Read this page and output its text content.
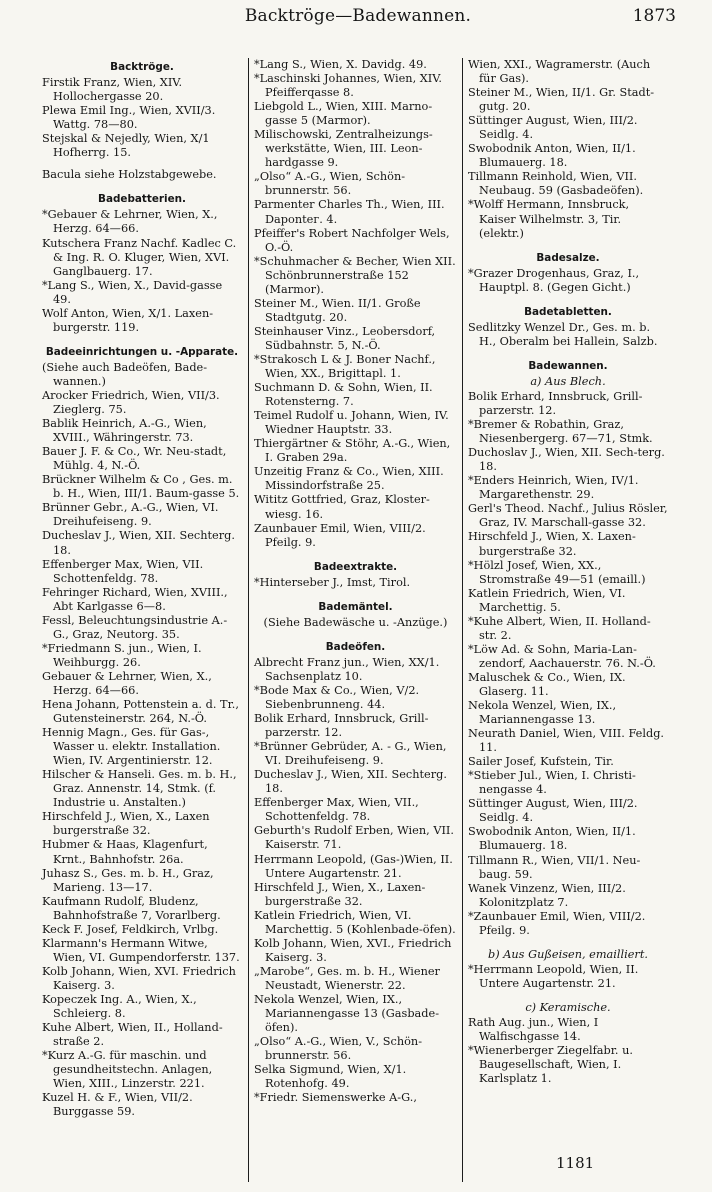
Backtröge—Badewannen.	1873
Backtröge.
Firstik Franz, Wien, XIV. Hollochergasse 20.
Plewa Emil Ing., Wien, XVII/3. Wattg. 78—80.
Stejskal & Nejedly, Wien, X/1 Hofherrg. 15.
Bacula siehe Holzstabgewebe.
Badebatterien.
*Gebauer & Lehrner, Wien, X., Herzg. 64—66.
Kutschera Franz Nachf. Kadlec C. & Ing. R. O. Kluger, Wien, XVI. Ganglbauerg. 17.
*Lang S., Wien, X., David-gasse 49.
Wolf Anton, Wien, X/1. Laxen-burgerstr. 119.
Badeeinrichtungen u. -Apparate.
(Siehe auch Badeöfen, Bade-wannen.)
Arocker Friedrich, Wien, VII/3. Zieglerg. 75.
Bablik Heinrich, A.-G., Wien, XVIII., Währingerstr. 73.
Bauer J. F. & Co., Wr. Neu-stadt, Mühlg. 4, N.-Ö.
Brückner Wilhelm & Co , Ges. m. b. H., Wien, III/1. Baum-gasse 5.
Brünner Gebr., A.-G., Wien, VI. Dreihufeiseng. 9.
Ducheslav J., Wien, XII. Sechterg. 18.
Effenberger Max, Wien, VII. Schottenfeldg. 78.
Fehringer Richard, Wien, XVIII., Abt Karlgasse 6—8.
Fessl, Beleuchtungsindustrie A.-G., Graz, Neutorg. 35.
*Friedmann S. jun., Wien, I. Weihburgg. 26.
Gebauer & Lehrner, Wien, X., Herzg. 64—66.
Hena Johann, Pottenstein a. d. Tr., Gutensteinerstr. 264, N.-Ö.
Hennig Magn., Ges. für Gas-, Wasser u. elektr. Installation. Wien, IV. Argentinierstr. 12.
Hilscher & Hanseli. Ges. m. b. H., Graz. Annenstr. 14, Stmk. (f. Industrie u. Anstalten.)
Hirschfeld J., Wien, X., Laxen burgerstraße 32.
Hubmer & Haas, Klagenfurt, Krnt., Bahnhofstr. 26a.
Juhasz S., Ges. m. b. H., Graz, Marieng. 13—17.
Kaufmann Rudolf, Bludenz, Bahnhofstraße 7, Vorarlberg.
Keck F. Josef, Feldkirch, Vrlbg.
Klarmann's Hermann Witwe, Wien, VI. Gumpendorferstr. 137.
Kolb Johann, Wien, XVI. Friedrich Kaiserg. 3.
Kopeczek Ing. A., Wien, X., Schleierg. 8.
Kuhe Albert, Wien, II., Holland-straße 2.
*Kurz A.-G. für maschin. und gesundheitstechn. Anlagen, Wien, XIII., Linzerstr. 221.
Kuzel H. & F., Wien, VII/2. Burggasse 59.
*Lang S., Wien, X. Davidg. 49.
*Laschinski Johannes, Wien, XIV. Pfeifferqasse 8.
Liebgold L., Wien, XIII. Marno-gasse 5 (Marmor).
Milischowski, Zentralheizungs-werkstätte, Wien, III. Leon-hardgasse 9.
„Olso“ A.-G., Wien, Schön-brunnerstr. 56.
Parmenter Charles Th., Wien, III. Dapontег. 4.
Pfeiffer's Robert Nachfolger Wels, O.-Ö.
*Schuhmacher & Becher, Wien XII. Schönbrunnerstraße 152 (Marmor).
Steiner M., Wien. II/1. Große Stadtgutg. 20.
Steinhauser Vinz., Leobersdorf, Südbahnstr. 5, N.-Ö.
*Strakosch L & J. Boner Nachf., Wien, XX., Brigittapl. 1.
Suchmann D. & Sohn, Wien, II. Rotensterng. 7.
Teimel Rudolf u. Johann, Wien, IV. Wiedner Hauptstr. 33.
Thiergärtner & Stöhr, A.-G., Wien, I. Graben 29a.
Unzeitig Franz & Co., Wien, XIII. Missindorfstraße 25.
Wititz Gottfried, Graz, Kloster-wiesg. 16.
Zaunbauer Emil, Wien, VIII/2. Pfeilg. 9.
Badeextrakte.
*Hinterseber J., Imst, Tirol.
Bademäntel.
(Siehe Badewäsche u. -Anzüge.)
Badeöfen.
Albrecht Franz jun., Wien, XX/1. Sachsenplatz 10.
*Bode Max & Co., Wien, V/2. Siebenbrunneng. 44.
Bolik Erhard, Innsbruck, Grill-parzerstr. 12.
*Brünner Gebrüder, A. - G., Wien, VI. Dreihufeiseng. 9.
Ducheslav J., Wien, XII. Sechterg. 18.
Effenberger Max, Wien, VII., Schottenfeldg. 78.
Geburth's Rudolf Erben, Wien, VII. Kaiserstr. 71.
Herrmann Leopold, (Gas-)Wien, II. Untere Augartenstr. 21.
Hirschfeld J., Wien, X., Laxen-burgerstraße 32.
Katlein Friedrich, Wien, VI. Marchettig. 5 (Kohlenbade-öfen).
Kolb Johann, Wien, XVI., Friedrich Kaiserg. 3.
„Marobe“, Ges. m. b. H., Wiener Neustadt, Wienerstr. 22.
Nekola Wenzel, Wien, IX., Mariannengasse 13 (Gasbade-öfen).
„Olso“ A.-G., Wien, V., Schön-brunnerstr. 56.
Selka Sigmund, Wien, X/1. Rotenhofg. 49.
*Friedr. Siemenswerke A-G.,
Wien, XXI., Wagramerstr. (Auch für Gas).
Steiner M., Wien, II/1. Gr. Stadt-gutg. 20.
Süttinger August, Wien, III/2. Seidlg. 4.
Swobodnik Anton, Wien, II/1. Blumauerg. 18.
Tillmann Reinhold, Wien, VII. Neubaug. 59 (Gasbadeöfen).
*Wolff Hermann, Innsbruck, Kaiser Wilhelmstr. 3, Tir. (elektr.)
Badesalze.
*Grazer Drogenhaus, Graz, I., Hauptpl. 8. (Gegen Gicht.)
Badetabletten.
Sedlitzky Wenzel Dr., Ges. m. b. H., Oberalm bei Hallein, Salzb.
Badewannen.
a) Aus Blech.
Bolik Erhard, Innsbruck, Grill-parzerstr. 12.
*Bremer & Robathin, Graz, Niesenbergerg. 67—71, Stmk.
Duchoslav J., Wien, XII. Sech-terg. 18.
*Enders Heinrich, Wien, IV/1. Margarethenstr. 29.
Gerl's Theod. Nachf., Julius Rösler, Graz, IV. Marschall-gasse 32.
Hirschfeld J., Wien, X. Laxen-burgerstraße 32.
*Hölzl Josef, Wien, XX., Stromstraße 49—51 (emaill.)
Katlein Friedrich, Wien, VI. Marchettig. 5.
*Kuhe Albert, Wien, II. Holland-str. 2.
*Löw Ad. & Sohn, Maria-Lan-zendorf, Aachauerstr. 76. N.-Ö.
Maluschek & Co., Wien, IX. Glaserg. 11.
Nekola Wenzel, Wien, IX., Mariannengasse 13.
Neurath Daniel, Wien, VIII. Feldg. 11.
Sailer Josef, Kufstein, Tir.
*Stieber Jul., Wien, I. Christi-nengasse 4.
Süttinger August, Wien, III/2. Seidlg. 4.
Swobodnik Anton, Wien, II/1. Blumauerg. 18.
Tillmann R., Wien, VII/1. Neu-baug. 59.
Wanek Vinzenz, Wien, III/2. Kolonitzplatz 7.
*Zaunbauer Emil, Wien, VIII/2. Pfeilg. 9.
b) Aus Gußeisen, emailliert.
*Herrmann Leopold, Wien, II. Untere Augartenstr. 21.
c) Keramische.
Rath Aug. jun., Wien, I Walfischgasse 14.
*Wienerberger Ziegelfabr. u. Baugesellschaft, Wien, I. Karlsplatz 1.
1181
